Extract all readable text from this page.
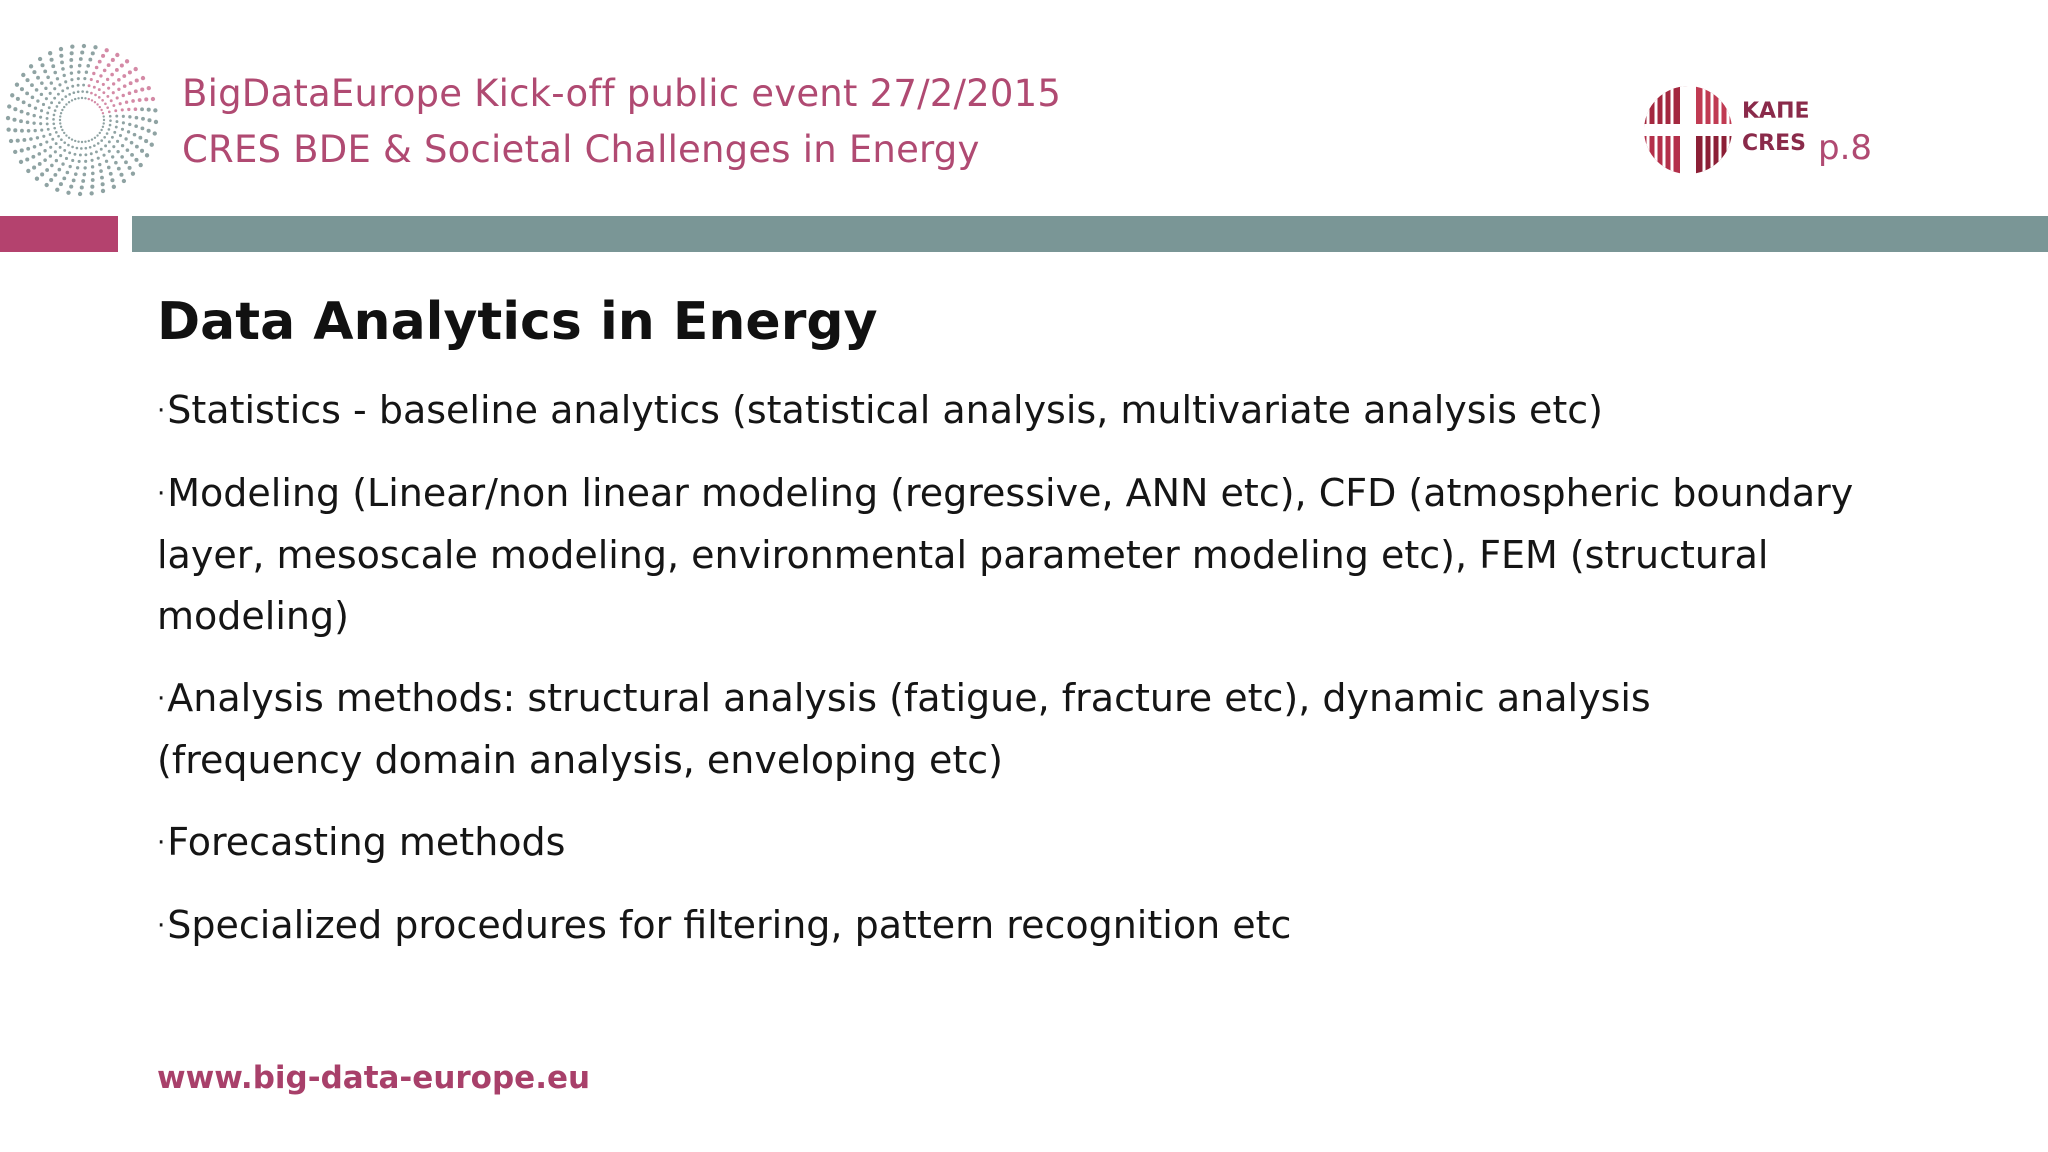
BigDataEurope Kick-off public event 27/2/2015
CRES BDE & Societal Challenges in Energy
ΚΑΠΕ
CRES p.8
Data Analytics in Energy
·Statistics - baseline analytics (statistical analysis, multivariate analysis etc)
·Modeling (Linear/non linear modeling (regressive, ANN etc), CFD (atmospheric boundary layer, mesoscale modeling, environmental parameter modeling etc), FEM (structural modeling)
·Analysis methods: structural analysis (fatigue, fracture etc), dynamic analysis (frequency domain analysis, enveloping etc)
·Forecasting methods
·Specialized procedures for filtering, pattern recognition etc
www.big-data-europe.eu
